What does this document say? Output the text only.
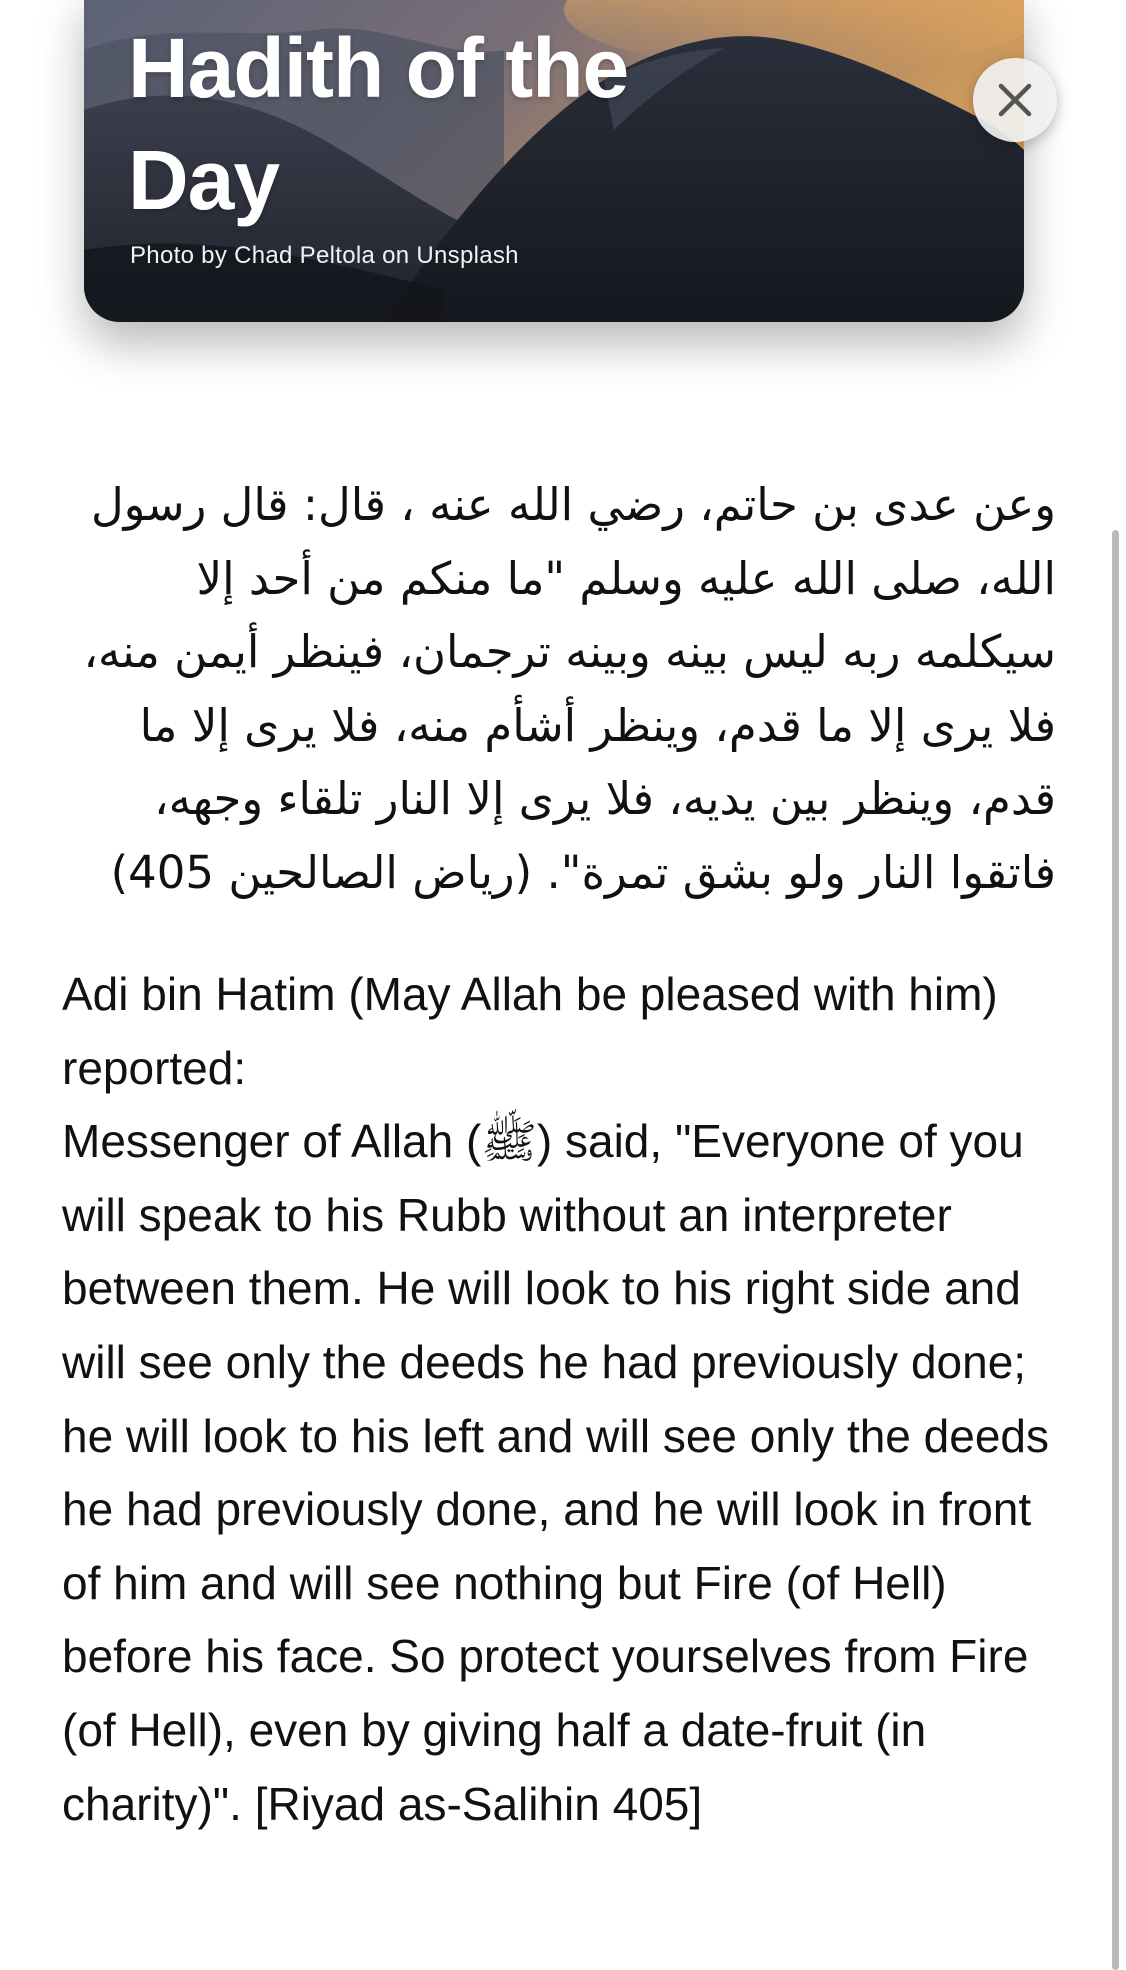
Hadith of the Day
Photo by Chad Peltola on Unsplash

وعن عدى بن حاتم، رضي الله عنه ، قال: قال رسول الله، صلى الله عليه وسلم "ما منكم من أحد إلا سيكلمه ربه ليس بينه وبينه ترجمان، فينظر أيمن منه، فلا يرى إلا ما قدم، وينظر أشأم منه، فلا يرى إلا ما قدم، وينظر بين يديه، فلا يرى إلا النار تلقاء وجهه، فاتقوا النار ولو بشق تمرة". (رياض الصالحين 405)

Adi bin Hatim (May Allah be pleased with him) reported:
Messenger of Allah (ﷺ) said, "Everyone of you will speak to his Rubb without an interpreter between them. He will look to his right side and will see only the deeds he had previously done; he will look to his left and will see only the deeds he had previously done, and he will look in front of him and will see nothing but Fire (of Hell) before his face. So protect yourselves from Fire (of Hell), even by giving half a date-fruit (in charity)". [Riyad as-Salihin 405]
